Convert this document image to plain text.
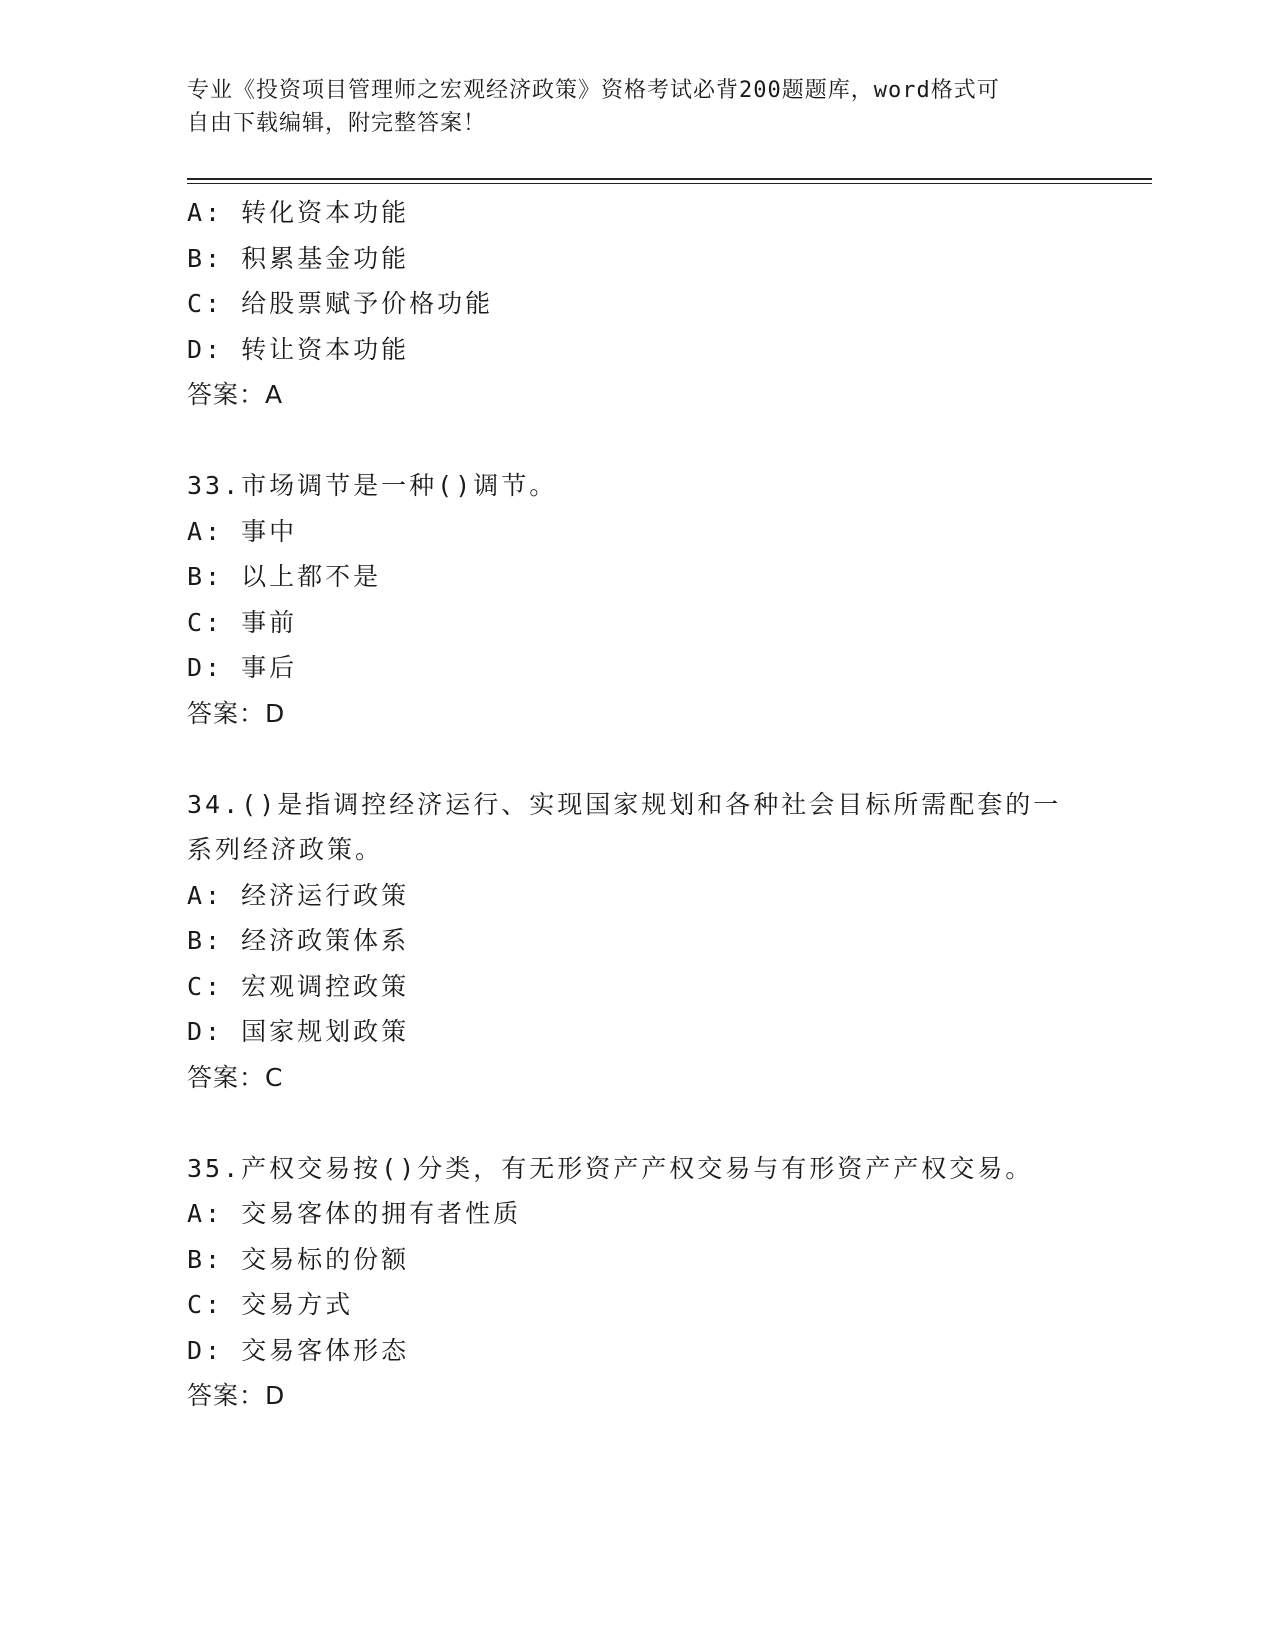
专业《投资项目管理师之宏观经济政策》资格考试必背200题题库，word格式可
自由下载编辑，附完整答案！
A: 转化资本功能
B: 积累基金功能
C: 给股票赋予价格功能
D: 转让资本功能
答案：A
33.市场调节是一种()调节。
A: 事中
B: 以上都不是
C: 事前
D: 事后
答案：D
34.()是指调控经济运行、实现国家规划和各种社会目标所需配套的一系列经济政策。
A: 经济运行政策
B: 经济政策体系
C: 宏观调控政策
D: 国家规划政策
答案：C
35.产权交易按()分类，有无形资产产权交易与有形资产产权交易。
A: 交易客体的拥有者性质
B: 交易标的份额
C: 交易方式
D: 交易客体形态
答案：D
